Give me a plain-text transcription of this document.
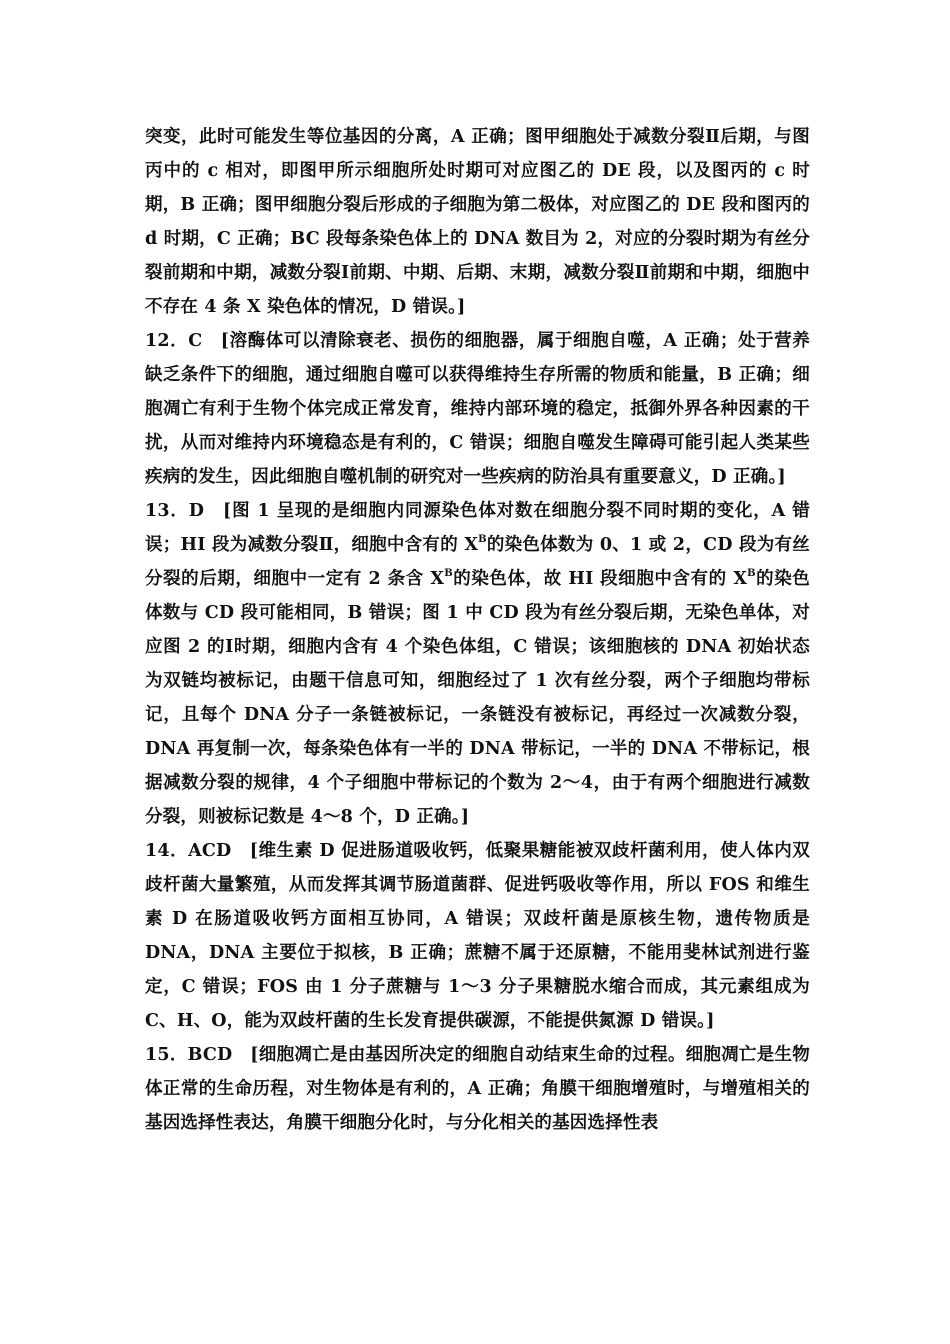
突变，此时可能发生等位基因的分离，A 正确；图甲细胞处于减数分裂Ⅱ后期，与图丙中的 c 相对，即图甲所示细胞所处时期可对应图乙的 DE 段，以及图丙的 c 时期，B 正确；图甲细胞分裂后形成的子细胞为第二极体，对应图乙的 DE 段和图丙的 d 时期，C 正确；BC 段每条染色体上的 DNA 数目为 2，对应的分裂时期为有丝分裂前期和中期，减数分裂Ⅰ前期、中期、后期、末期，减数分裂Ⅱ前期和中期，细胞中不存在 4 条 X 染色体的情况，D 错误。]

12．C　[溶酶体可以清除衰老、损伤的细胞器，属于细胞自噬，A 正确；处于营养缺乏条件下的细胞，通过细胞自噬可以获得维持生存所需的物质和能量，B 正确；细胞凋亡有利于生物个体完成正常发育，维持内部环境的稳定，抵御外界各种因素的干扰，从而对维持内环境稳态是有利的，C 错误；细胞自噬发生障碍可能引起人类某些疾病的发生，因此细胞自噬机制的研究对一些疾病的防治具有重要意义，D 正确。]

13．D　[图 1 呈现的是细胞内同源染色体对数在细胞分裂不同时期的变化，A 错误；HI 段为减数分裂Ⅱ，细胞中含有的 $X^B$的染色体数为 0、1 或 2，CD 段为有丝分裂的后期，细胞中一定有 2 条含 $X^B$的染色体，故 HI 段细胞中含有的 $X^B$的染色体数与 CD 段可能相同，B 错误；图 1 中 CD 段为有丝分裂后期，无染色单体，对应图 2 的Ⅰ时期，细胞内含有 4 个染色体组，C 错误；该细胞核的 DNA 初始状态为双链均被标记，由题干信息可知，细胞经过了 1 次有丝分裂，两个子细胞均带标记，且每个 DNA 分子一条链被标记，一条链没有被标记，再经过一次减数分裂，DNA 再复制一次，每条染色体有一半的 DNA 带标记，一半的 DNA 不带标记，根据减数分裂的规律，4 个子细胞中带标记的个数为 2～4，由于有两个细胞进行减数分裂，则被标记数是 4～8 个，D 正确。]

14．ACD　[维生素 D 促进肠道吸收钙，低聚果糖能被双歧杆菌利用，使人体内双歧杆菌大量繁殖，从而发挥其调节肠道菌群、促进钙吸收等作用，所以 FOS 和维生素 D 在肠道吸收钙方面相互协同，A 错误；双歧杆菌是原核生物，遗传物质是 DNA，DNA 主要位于拟核，B 正确；蔗糖不属于还原糖，不能用斐林试剂进行鉴定，C 错误；FOS 由 1 分子蔗糖与 1～3 分子果糖脱水缩合而成，其元素组成为 C、H、O，能为双歧杆菌的生长发育提供碳源，不能提供氮源 D 错误。]

15．BCD　[细胞凋亡是由基因所决定的细胞自动结束生命的过程。细胞凋亡是生物体正常的生命历程，对生物体是有利的，A 正确；角膜干细胞增殖时，与增殖相关的基因选择性表达，角膜干细胞分化时，与分化相关的基因选择性表
